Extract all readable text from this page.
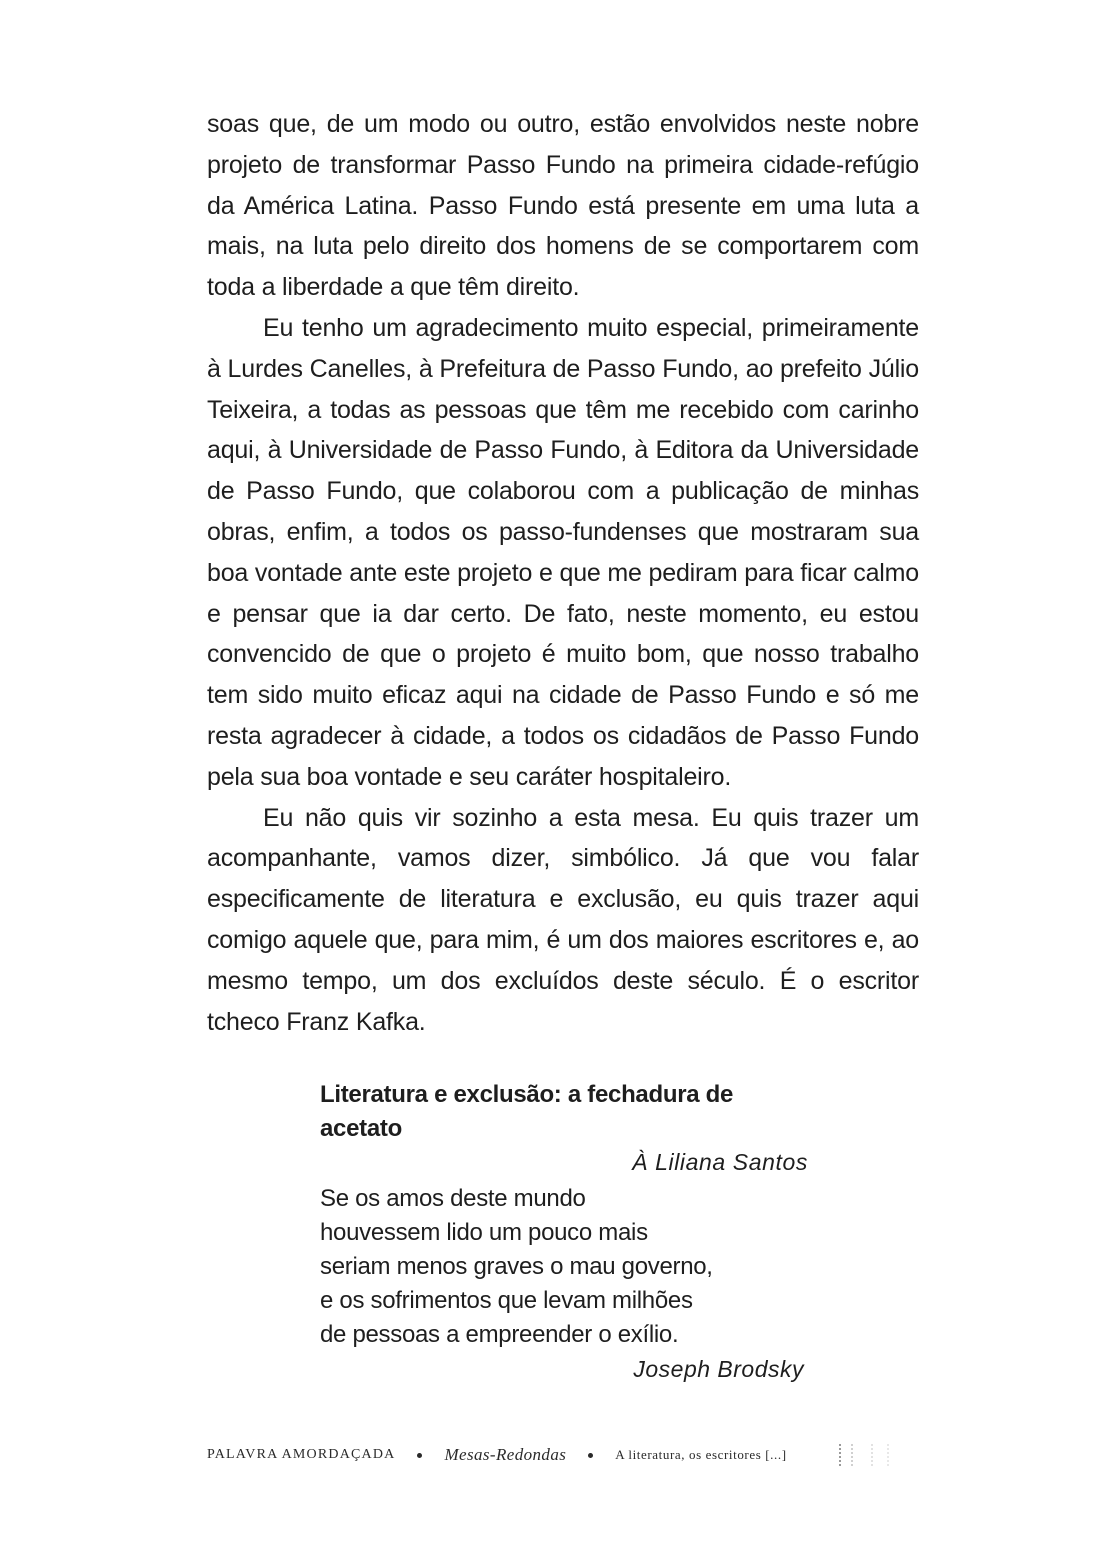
soas que, de um modo ou outro, estão envolvidos neste nobre projeto de transformar Passo Fundo na primeira cidade-refúgio da América Latina. Passo Fundo está presente em uma luta a mais, na luta pelo direito dos homens de se comportarem com toda a liberdade a que têm direito.

Eu tenho um agradecimento muito especial, primeiramente à Lurdes Canelles, à Prefeitura de Passo Fundo, ao prefeito Júlio Teixeira, a todas as pessoas que têm me recebido com carinho aqui, à Universidade de Passo Fundo, à Editora da Universidade de Passo Fundo, que colaborou com a publicação de minhas obras, enfim, a todos os passo-fundenses que mostraram sua boa vontade ante este projeto e que me pediram para ficar calmo e pensar que ia dar certo. De fato, neste momento, eu estou convencido de que o projeto é muito bom, que nosso trabalho tem sido muito eficaz aqui na cidade de Passo Fundo e só me resta agradecer à cidade, a todos os cidadãos de Passo Fundo pela sua boa vontade e seu caráter hospitaleiro.

Eu não quis vir sozinho a esta mesa. Eu quis trazer um acompanhante, vamos dizer, simbólico. Já que vou falar especificamente de literatura e exclusão, eu quis trazer aqui comigo aquele que, para mim, é um dos maiores escritores e, ao mesmo tempo, um dos excluídos deste século. É o escritor tcheco Franz Kafka.

Literatura e exclusão: a fechadura de acetato

À Liliana Santos

Se os amos deste mundo
houvessem lido um pouco mais
seriam menos graves o mau governo,
e os sofrimentos que levam milhões
de pessoas a empreender o exílio.

Joseph Brodsky

PALAVRA AMORDAÇADA	Mesas-Redondas	A literatura, os escritores [...]
